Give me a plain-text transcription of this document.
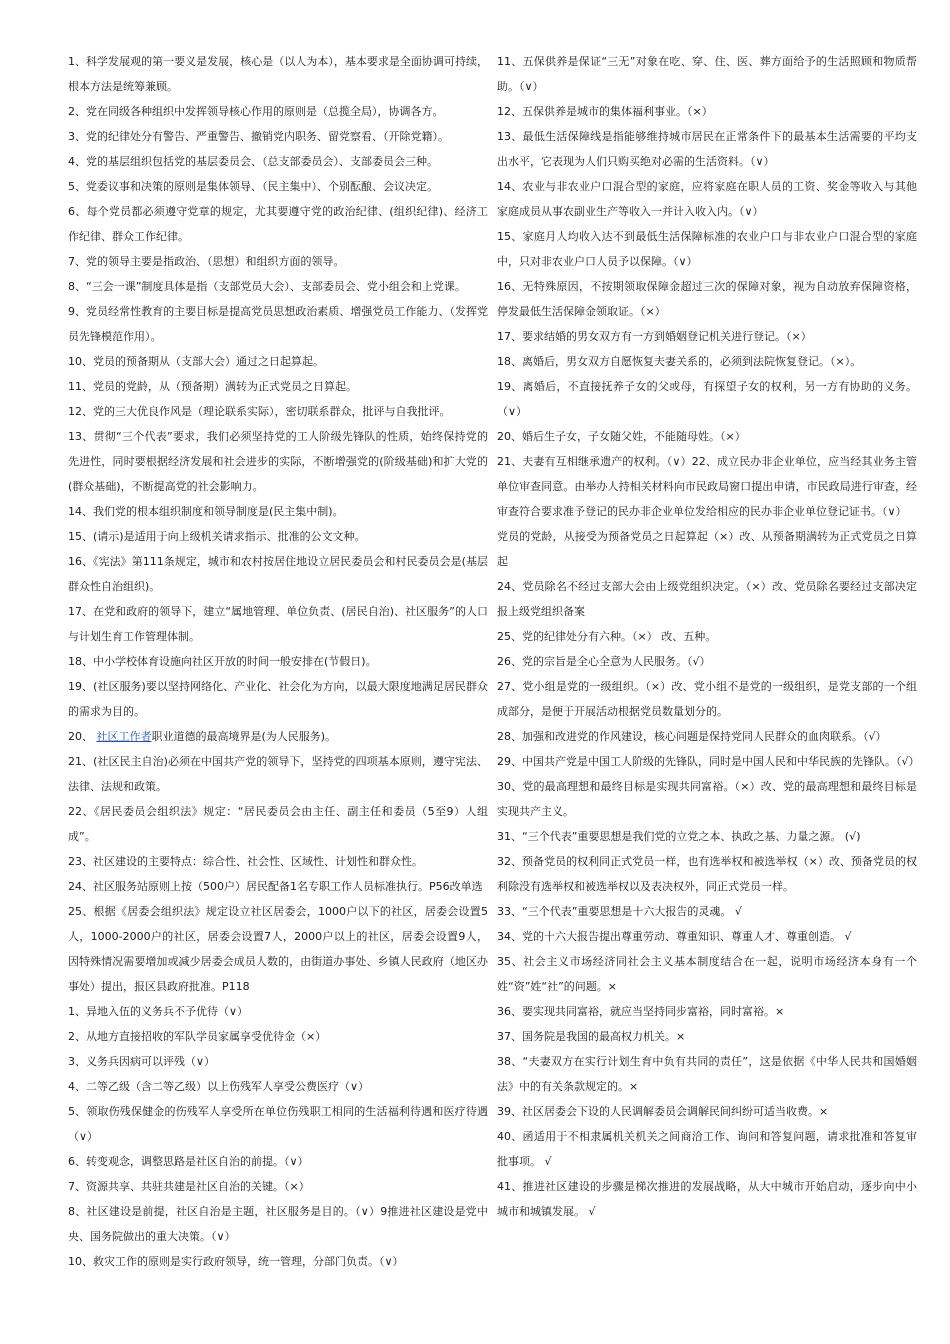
1、科学发展观的第一要义是发展，核心是（以人为本），基本要求是全面协调可持续，根本方法是统筹兼顾。

2、党在同级各种组织中发挥领导核心作用的原则是（总揽全局），协调各方。

3、党的纪律处分有警告、严重警告、撤销党内职务、留党察看、（开除党籍）。

4、党的基层组织包括党的基层委员会、（总支部委员会）、支部委员会三种。

5、党委议事和决策的原则是集体领导、（民主集中）、个别酝酿、会议决定。

6、每个党员都必须遵守党章的规定，尤其要遵守党的政治纪律、(组织纪律)、经济工作纪律、群众工作纪律。

7、党的领导主要是指政治、（思想）和组织方面的领导。

8、“三会一课”制度具体是指（支部党员大会）、支部委员会、党小组会和上党课。

9、党员经常性教育的主要目标是提高党员思想政治素质、增强党员工作能力、（发挥党员先锋模范作用）。

10、党员的预备期从（支部大会）通过之日起算起。

11、党员的党龄，从（预备期）满转为正式党员之日算起。

12、党的三大优良作风是（理论联系实际），密切联系群众，批评与自我批评。

13、贯彻“三个代表”要求，我们必须坚持党的工人阶级先锋队的性质，始终保持党的先进性，同时要根据经济发展和社会进步的实际，不断增强党的(阶级基础)和扩大党的(群众基础)，不断提高党的社会影响力。

14、我们党的根本组织制度和领导制度是(民主集中制)。

15、(请示)是适用于向上级机关请求指示、批准的公文文种。

16、《宪法》第111条规定，城市和农村按居住地设立居民委员会和村民委员会是(基层群众性自治组织)。

17、在党和政府的领导下，建立“属地管理、单位负责、(居民自治)、社区服务”的人口与计划生育工作管理体制。

18、中小学校体育设施向社区开放的时间一般安排在(节假日)。

19、(社区服务)要以坚持网络化、产业化、社会化为方向，以最大限度地满足居民群众的需求为目的。

20、 社区工作者职业道德的最高境界是(为人民服务)。

21、(社区民主自治)必须在中国共产党的领导下，坚持党的四项基本原则，遵守宪法、法律、法规和政策。

22、《居民委员会组织法》规定：“居民委员会由主任、副主任和委员（5至9）人组成”。

23、社区建设的主要特点：综合性、社会性、区域性、计划性和群众性。

24、社区服务站原则上按（500户）居民配备1名专职工作人员标准执行。P56改单选

25、根据《居委会组织法》规定设立社区居委会，1000户以下的社区，居委会设置5人，1000-2000户的社区，居委会设置7人，2000户以上的社区，居委会设置9人，因特殊情况需要增加或减少居委会成员人数的，由街道办事处、乡镇人民政府（地区办事处）提出，报区县政府批准。P118

1、异地入伍的义务兵不予优待（∨）

2、从地方直接招收的军队学员家属享受优待金（×）

3、义务兵因病可以评残（∨）

4、二等乙级（含二等乙级）以上伤残军人享受公费医疗（∨）

5、领取伤残保健金的伤残军人享受所在单位伤残职工相同的生活福利待遇和医疗待遇（∨）

6、转变观念，调整思路是社区自治的前提。（∨）

7、资源共享、共驻共建是社区自治的关键。（×）

8、社区建设是前提，社区自治是主题，社区服务是目的。（∨）9推进社区建设是党中央、国务院做出的重大决策。（∨）

10、救灾工作的原则是实行政府领导，统一管理，分部门负责。（∨）

11、五保供养是保证“三无”对象在吃、穿、住、医、葬方面给予的生活照顾和物质帮助。（∨）

12、五保供养是城市的集体福利事业。（×）

13、最低生活保障线是指能够维持城市居民在正常条件下的最基本生活需要的平均支出水平，它表现为人们只购买绝对必需的生活资料。（∨）

14、农业与非农业户口混合型的家庭，应将家庭在职人员的工资、奖金等收入与其他家庭成员从事农副业生产等收入一并计入收入内。（∨）

15、家庭月人均收入达不到最低生活保障标准的农业户口与非农业户口混合型的家庭中，只对非农业户口人员予以保障。（∨）

16、无特殊原因，不按期领取保障金超过三次的保障对象，视为自动放弃保障资格，停发最低生活保障金领取证。（×）

17、要求结婚的男女双方有一方到婚姻登记机关进行登记。（×）

18、离婚后，男女双方自愿恢复夫妻关系的，必须到法院恢复登记。（×）。

19、离婚后，不直接抚养子女的父或母，有探望子女的权利，另一方有协助的义务。（∨）

20、婚后生子女，子女随父姓，不能随母姓。（×）

21、夫妻有互相继承遗产的权利。（∨）22、成立民办非企业单位，应当经其业务主管单位审查同意。由举办人持相关材料向市民政局窗口提出申请，市民政局进行审查，经审查符合要求准予登记的民办非企业单位发给相应的民办非企业单位登记证书。（∨）

党员的党龄，从接受为预备党员之日起算起（×）改、从预备期满转为正式党员之日算起

24、党员除名不经过支部大会由上级党组织决定。（×）改、党员除名要经过支部决定报上级党组织备案

25、党的纪律处分有六种。（×） 改、五种。

26、党的宗旨是全心全意为人民服务。（√）

27、党小组是党的一级组织。（×）改、党小组不是党的一级组织，是党支部的一个组成部分，是便于开展活动根据党员数量划分的。

28、加强和改进党的作风建设，核心问题是保持党同人民群众的血肉联系。（√）

29、中国共产党是中国工人阶级的先锋队，同时是中国人民和中华民族的先锋队。（√）

30、党的最高理想和最终目标是实现共同富裕。（×）改、党的最高理想和最终目标是实现共产主义。

31、“三个代表”重要思想是我们党的立党之本、执政之基、力量之源。 (√)

32、预备党员的权利同正式党员一样，也有选举权和被选举权（×）改、预备党员的权利除没有选举权和被选举权以及表决权外，同正式党员一样。

33、“三个代表”重要思想是十六大报告的灵魂。 √

34、党的十六大报告提出尊重劳动、尊重知识、尊重人才、尊重创造。 √

35、社会主义市场经济同社会主义基本制度结合在一起，说明市场经济本身有一个姓“资”姓“社”的问题。×

36、要实现共同富裕，就应当坚持同步富裕，同时富裕。×

37、国务院是我国的最高权力机关。×

38、“夫妻双方在实行计划生育中负有共同的责任”，这是依据《中华人民共和国婚姻法》中的有关条款规定的。×

39、社区居委会下设的人民调解委员会调解民间纠纷可适当收费。×

40、函适用于不相隶属机关机关之间商洽工作、询问和答复问题，请求批准和答复审批事项。 √

41、推进社区建设的步骤是梯次推进的发展战略，从大中城市开始启动，逐步向中小城市和城镇发展。 √
